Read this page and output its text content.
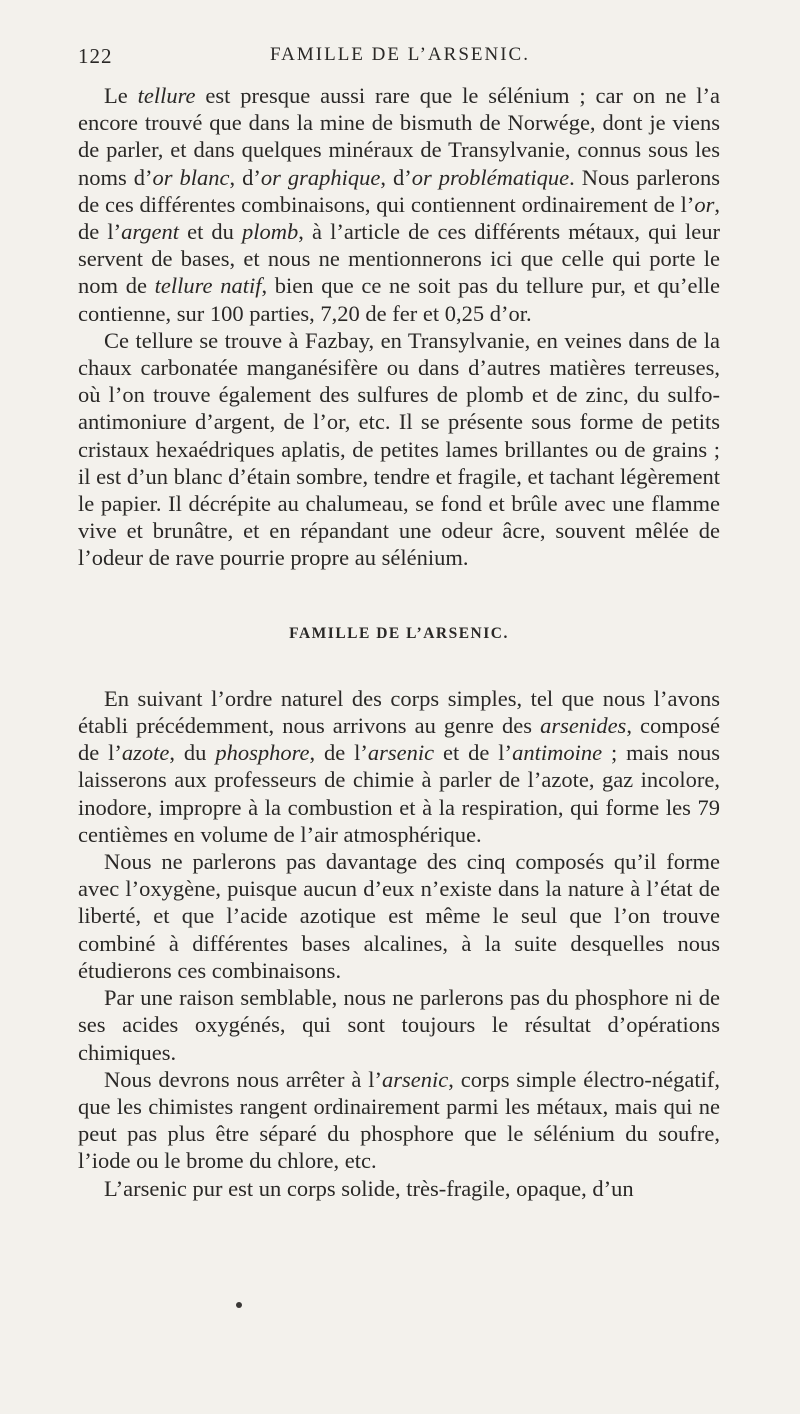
122	FAMILLE DE L’ARSENIC.

Le tellure est presque aussi rare que le sélénium ; car on ne l’a encore trouvé que dans la mine de bismuth de Norwége, dont je viens de parler, et dans quelques minéraux de Transylvanie, connus sous les noms d’or blanc, d’or graphique, d’or problématique. Nous parlerons de ces différentes combinaisons, qui contiennent ordinairement de l’or, de l’argent et du plomb, à l’article de ces différents métaux, qui leur servent de bases, et nous ne mentionnerons ici que celle qui porte le nom de tellure natif, bien que ce ne soit pas du tellure pur, et qu’elle contienne, sur 100 parties, 7,20 de fer et 0,25 d’or.

Ce tellure se trouve à Fazbay, en Transylvanie, en veines dans de la chaux carbonatée manganésifère ou dans d’autres matières terreuses, où l’on trouve également des sulfures de plomb et de zinc, du sulfo-antimoniure d’argent, de l’or, etc. Il se présente sous forme de petits cristaux hexaédriques aplatis, de petites lames brillantes ou de grains ; il est d’un blanc d’étain sombre, tendre et fragile, et tachant légèrement le papier. Il décrépite au chalumeau, se fond et brûle avec une flamme vive et brunâtre, et en répandant une odeur âcre, souvent mêlée de l’odeur de rave pourrie propre au sélénium.

FAMILLE DE L’ARSENIC.

En suivant l’ordre naturel des corps simples, tel que nous l’avons établi précédemment, nous arrivons au genre des arsenides, composé de l’azote, du phosphore, de l’arsenic et de l’antimoine ; mais nous laisserons aux professeurs de chimie à parler de l’azote, gaz incolore, inodore, impropre à la combustion et à la respiration, qui forme les 79 centièmes en volume de l’air atmosphérique.

Nous ne parlerons pas davantage des cinq composés qu’il forme avec l’oxygène, puisque aucun d’eux n’existe dans la nature à l’état de liberté, et que l’acide azotique est même le seul que l’on trouve combiné à différentes bases alcalines, à la suite desquelles nous étudierons ces combinaisons.

Par une raison semblable, nous ne parlerons pas du phosphore ni de ses acides oxygénés, qui sont toujours le résultat d’opérations chimiques.

Nous devrons nous arrêter à l’arsenic, corps simple électro-négatif, que les chimistes rangent ordinairement parmi les métaux, mais qui ne peut pas plus être séparé du phosphore que le sélénium du soufre, l’iode ou le brome du chlore, etc.

L’arsenic pur est un corps solide, très-fragile, opaque, d’un
